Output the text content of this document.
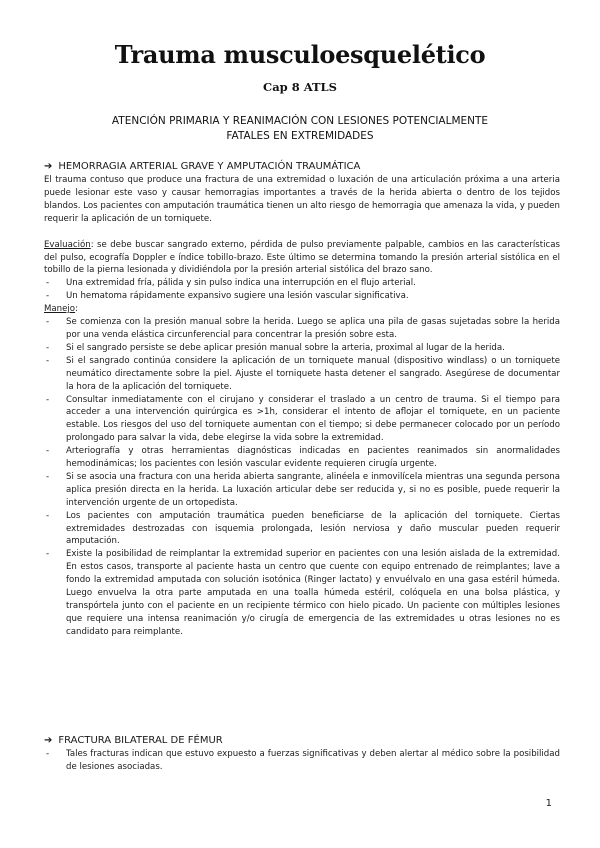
Trauma musculoesquelético
Cap 8 ATLS
ATENCIÓN PRIMARIA Y REANIMACIÓN CON LESIONES POTENCIALMENTE
FATALES EN EXTREMIDADES
➔ HEMORRAGIA ARTERIAL GRAVE Y AMPUTACIÓN TRAUMÁTICA

El trauma contuso que produce una fractura de una extremidad o luxación de una articulación próxima a una arteria puede lesionar este vaso y causar hemorragias importantes a través de la herida abierta o dentro de los tejidos blandos. Los pacientes con amputación traumática tienen un alto riesgo de hemorragia que amenaza la vida, y pueden requerir la aplicación de un torniquete.

Evaluación: se debe buscar sangrado externo, pérdida de pulso previamente palpable, cambios en las características del pulso, ecografía Doppler e índice tobillo-brazo. Este último se determina tomando la presión arterial sistólica en el tobillo de la pierna lesionada y dividiéndola por la presión arterial sistólica del brazo sano.

-	Una extremidad fría, pálida y sin pulso indica una interrupción en el flujo arterial.
-	Un hematoma rápidamente expansivo sugiere una lesión vascular significativa.

Manejo:

-	Se comienza con la presión manual sobre la herida. Luego se aplica una pila de gasas sujetadas sobre la herida por una venda elástica circunferencial para concentrar la presión sobre esta.
-	Si el sangrado persiste se debe aplicar presión manual sobre la arteria, proximal al lugar de la herida.
-	Si el sangrado continúa considere la aplicación de un torniquete manual (dispositivo windlass) o un torniquete neumático directamente sobre la piel. Ajuste el torniquete hasta detener el sangrado. Asegúrese de documentar la hora de la aplicación del torniquete.
-	Consultar inmediatamente con el cirujano y considerar el traslado a un centro de trauma. Si el tiempo para acceder a una intervención quirúrgica es >1h, considerar el intento de aflojar el torniquete, en un paciente estable. Los riesgos del uso del torniquete aumentan con el tiempo; si debe permanecer colocado por un período prolongado para salvar la vida, debe elegirse la vida sobre la extremidad.
-	Arteriografía y otras herramientas diagnósticas indicadas en pacientes reanimados sin anormalidades hemodinámicas; los pacientes con lesión vascular evidente requieren cirugía urgente.
-	Si se asocia una fractura con una herida abierta sangrante, alinéela e inmovilícela mientras una segunda persona aplica presión directa en la herida. La luxación articular debe ser reducida y, si no es posible, puede requerir la intervención urgente de un ortopedista.
-	Los pacientes con amputación traumática pueden beneficiarse de la aplicación del torniquete. Ciertas extremidades destrozadas con isquemia prolongada, lesión nerviosa y daño muscular pueden requerir amputación.
-	Existe la posibilidad de reimplantar la extremidad superior en pacientes con una lesión aislada de la extremidad. En estos casos, transporte al paciente hasta un centro que cuente con equipo entrenado de reimplantes; lave a fondo la extremidad amputada con solución isotónica (Ringer lactato) y envuélvalo en una gasa estéril húmeda. Luego envuelva la otra parte amputada en una toalla húmeda estéril, colóquela en una bolsa plástica, y transpórtela junto con el paciente en un recipiente térmico con hielo picado. Un paciente con múltiples lesiones que requiere una intensa reanimación y/o cirugía de emergencia de las extremidades u otras lesiones no es candidato para reimplante.
➔ FRACTURA BILATERAL DE FÉMUR
-	Tales fracturas indican que estuvo expuesto a fuerzas significativas y deben alertar al médico sobre la posibilidad de lesiones asociadas.
1
